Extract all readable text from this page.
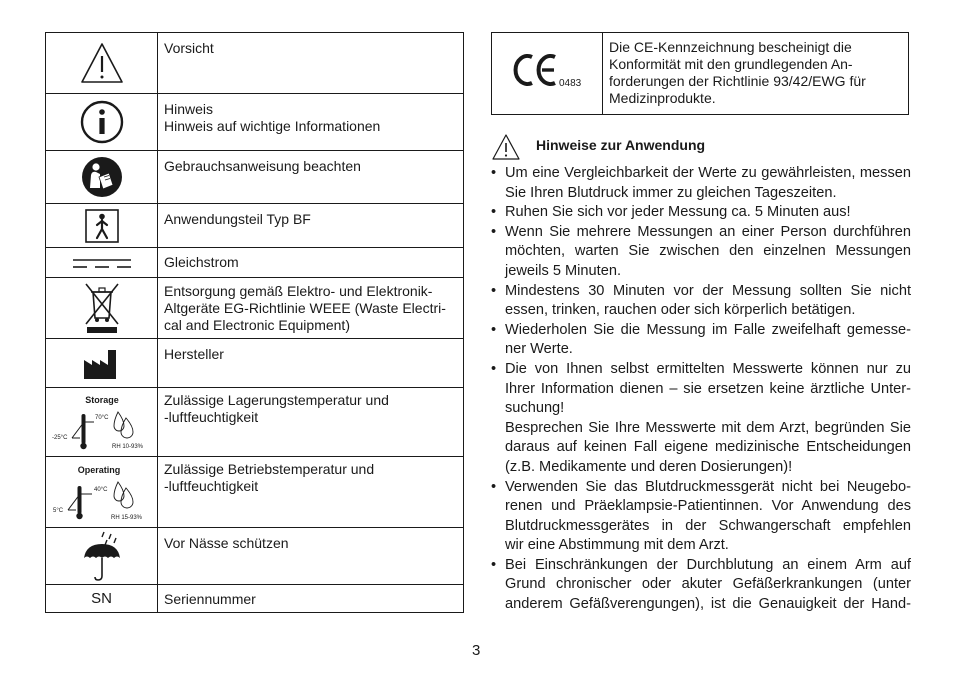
Vorsicht

Hinweis
Hinweis auf wichtige Informationen

Gebrauchsanweisung beachten

Anwendungsteil Typ BF

Gleichstrom

Entsorgung gemäß Elektro- und Elektronik-
Altgeräte EG-Richtlinie WEEE (Waste Electri-
cal and Electronic Equipment)

Hersteller

Storage
70°C
-25°C
RH 10-93%	Zulässige Lagerungstemperatur und
-luftfeuchtigkeit

Operating
40°C
5°C
RH 15-93%	Zulässige Betriebstemperatur und
-luftfeuchtigkeit

Vor Nässe schützen

SN	Seriennummer
0483

Die CE-Kennzeichnung bescheinigt die
Konformität mit den grundlegenden An-
forderungen der Richtlinie 93/42/EWG für
Medizinprodukte.
Hinweise zur Anwendung
• Um eine Vergleichbarkeit der Werte zu gewährleisten, messen
Sie Ihren Blutdruck immer zu gleichen Tageszeiten.
• Ruhen Sie sich vor jeder Messung ca. 5 Minuten aus!
• Wenn Sie mehrere Messungen an einer Person durchführen
möchten, warten Sie zwischen den einzelnen Messungen
jeweils 5 Minuten.
• Mindestens 30 Minuten vor der Messung sollten Sie nicht
essen, trinken, rauchen oder sich körperlich betätigen.
• Wiederholen Sie die Messung im Falle zweifelhaft gemesse-
ner Werte.
• Die von Ihnen selbst ermittelten Messwerte können nur zu
Ihrer Information dienen – sie ersetzen keine ärztliche Unter-
suchung!
Besprechen Sie Ihre Messwerte mit dem Arzt, begründen Sie
daraus auf keinen Fall eigene medizinische Entscheidungen
(z.B. Medikamente und deren Dosierungen)!
• Verwenden Sie das Blutdruckmessgerät nicht bei Neugebo-
renen und Präeklampsie-Patientinnen. Vor Anwendung des
Blutdruckmessgerätes in der Schwangerschaft empfehlen
wir eine Abstimmung mit dem Arzt.
• Bei Einschränkungen der Durchblutung an einem Arm auf
Grund chronischer oder akuter Gefäßerkrankungen (unter
anderem Gefäßverengungen), ist die Genauigkeit der Hand-
3
